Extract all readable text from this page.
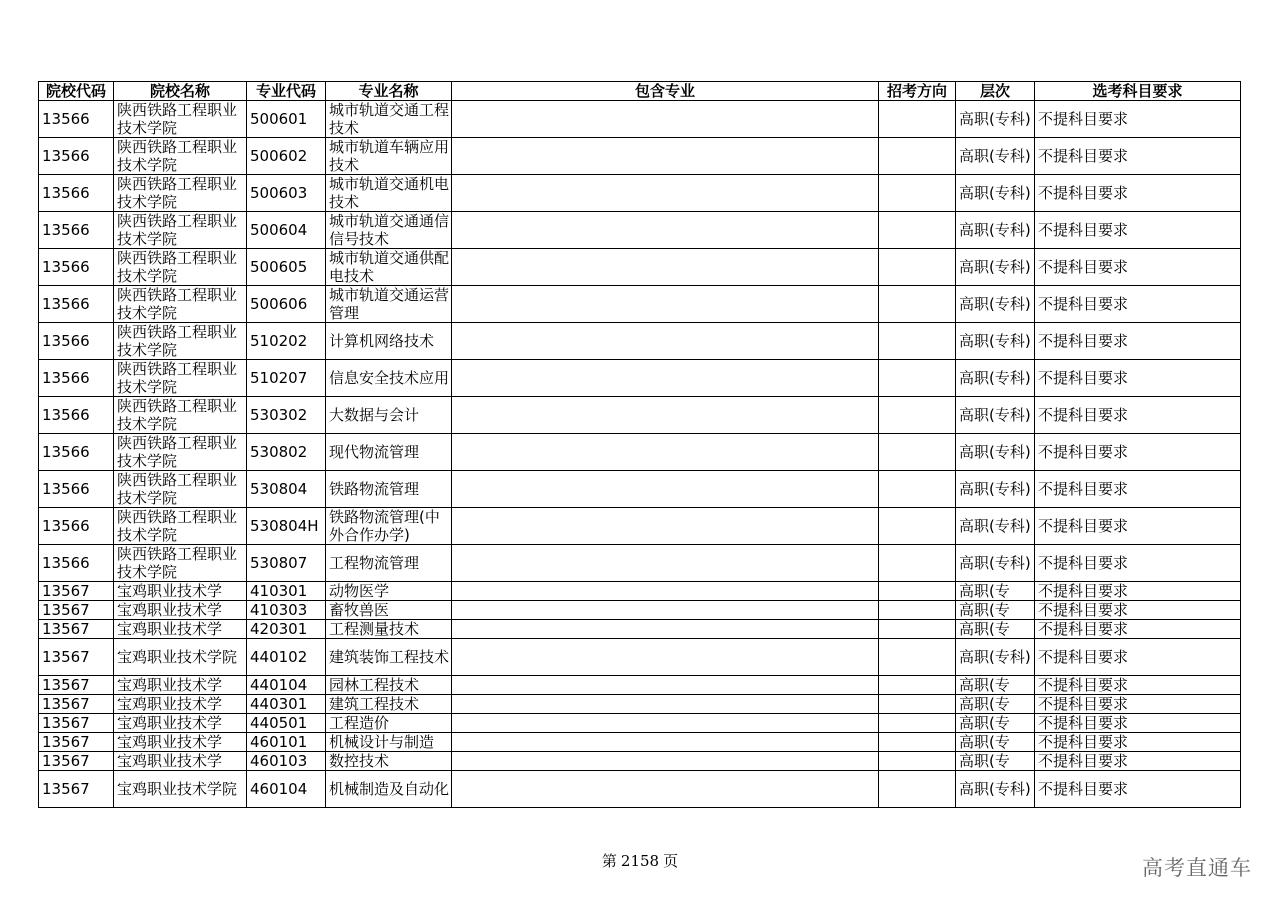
院校代码	院校名称	专业代码	专业名称	包含专业	招考方向	层次	选考科目要求

13566	陕西铁路工程职业技术学院	500601	城市轨道交通工程技术			高职(专科)	不提科目要求

13566	陕西铁路工程职业技术学院	500602	城市轨道车辆应用技术			高职(专科)	不提科目要求

13566	陕西铁路工程职业技术学院	500603	城市轨道交通机电技术			高职(专科)	不提科目要求

13566	陕西铁路工程职业技术学院	500604	城市轨道交通通信信号技术			高职(专科)	不提科目要求

13566	陕西铁路工程职业技术学院	500605	城市轨道交通供配电技术			高职(专科)	不提科目要求

13566	陕西铁路工程职业技术学院	500606	城市轨道交通运营管理			高职(专科)	不提科目要求

13566	陕西铁路工程职业技术学院	510202	计算机网络技术			高职(专科)	不提科目要求

13566	陕西铁路工程职业技术学院	510207	信息安全技术应用			高职(专科)	不提科目要求

13566	陕西铁路工程职业技术学院	530302	大数据与会计			高职(专科)	不提科目要求

13566	陕西铁路工程职业技术学院	530802	现代物流管理			高职(专科)	不提科目要求

13566	陕西铁路工程职业技术学院	530804	铁路物流管理			高职(专科)	不提科目要求

13566	陕西铁路工程职业技术学院	530804H	铁路物流管理(中外合作办学)			高职(专科)	不提科目要求

13566	陕西铁路工程职业技术学院	530807	工程物流管理			高职(专科)	不提科目要求

13567	宝鸡职业技术学	410301	动物医学			高职(专	不提科目要求

13567	宝鸡职业技术学	410303	畜牧兽医			高职(专	不提科目要求

13567	宝鸡职业技术学	420301	工程测量技术			高职(专	不提科目要求

13567	宝鸡职业技术学院	440102	建筑装饰工程技术			高职(专科)	不提科目要求

13567	宝鸡职业技术学	440104	园林工程技术			高职(专	不提科目要求

13567	宝鸡职业技术学	440301	建筑工程技术			高职(专	不提科目要求

13567	宝鸡职业技术学	440501	工程造价			高职(专	不提科目要求

13567	宝鸡职业技术学	460101	机械设计与制造			高职(专	不提科目要求

13567	宝鸡职业技术学	460103	数控技术			高职(专	不提科目要求

13567	宝鸡职业技术学院	460104	机械制造及自动化			高职(专科)	不提科目要求
第 2158 页	高考直通车
